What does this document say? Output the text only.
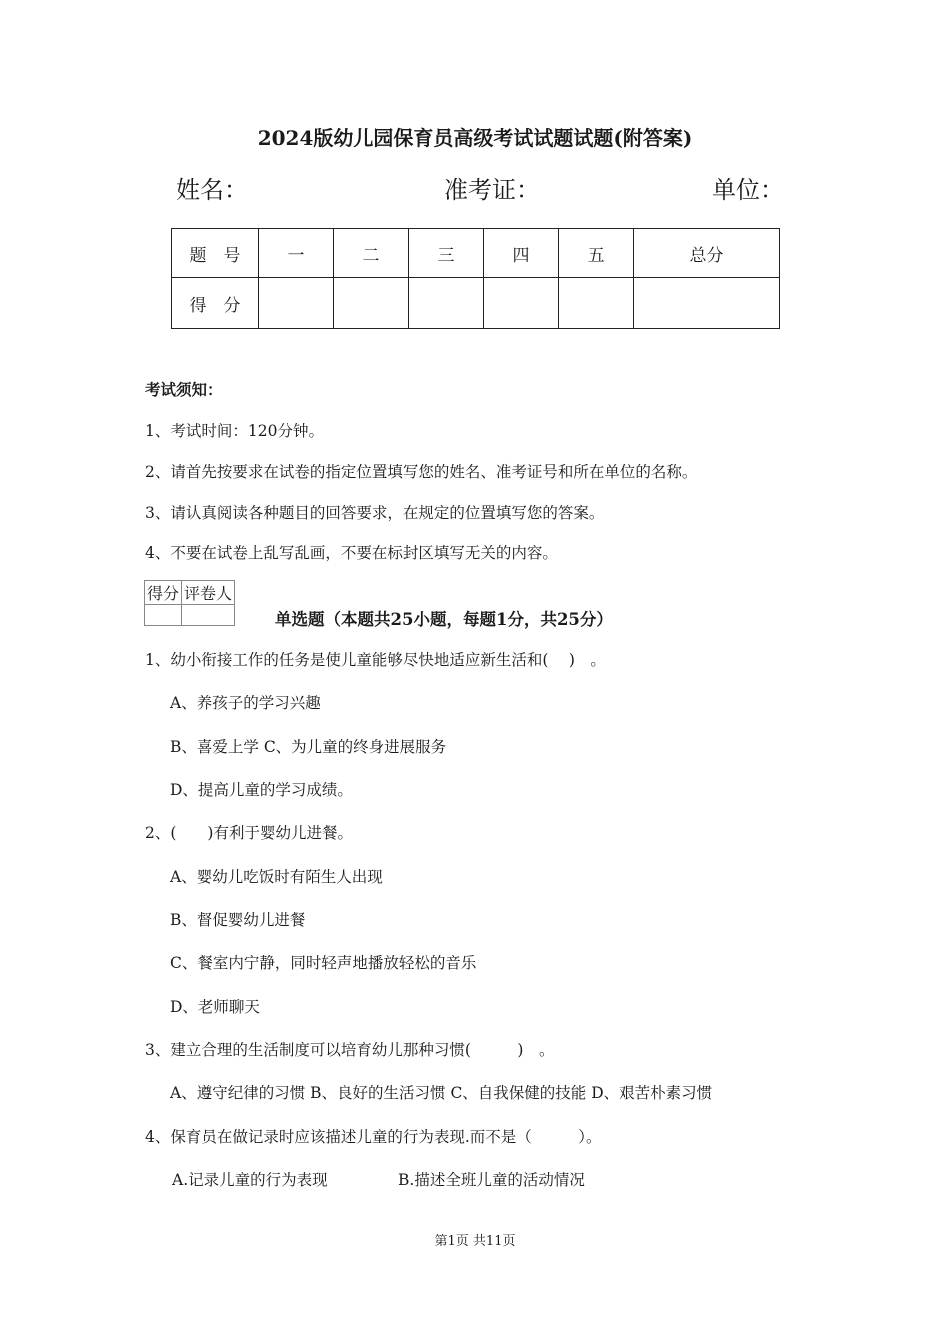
2024版幼儿园保育员高级考试试题试题(附答案)
姓名：	准考证：	单位：
题　号	一	二	三	四	五	总分
得　分						
考试须知：
1、考试时间：120分钟。
2、请首先按要求在试卷的指定位置填写您的姓名、准考证号和所在单位的名称。
3、请认真阅读各种题目的回答要求，在规定的位置填写您的答案。
4、不要在试卷上乱写乱画，不要在标封区填写无关的内容。
得分	评卷人

单选题（本题共25小题，每题1分，共25分）
1、幼小衔接工作的任务是使儿童能够尽快地适应新生活和(　 )　。
A、养孩子的学习兴趣
B、喜爱上学 C、为儿童的终身进展服务
D、提高儿童的学习成绩。
2、(　　)有利于婴幼儿进餐。
A、婴幼儿吃饭时有陌生人出现
B、督促婴幼儿进餐
C、餐室内宁静，同时轻声地播放轻松的音乐
D、老师聊天
3、建立合理的生活制度可以培育幼儿那种习惯(　　　)　。
A、遵守纪律的习惯 B、良好的生活习惯 C、自我保健的技能 D、艰苦朴素习惯
4、保育员在做记录时应该描述儿童的行为表现.而不是（　　　）。
A.记录儿童的行为表现	B.描述全班儿童的活动情况
第1页 共11页
